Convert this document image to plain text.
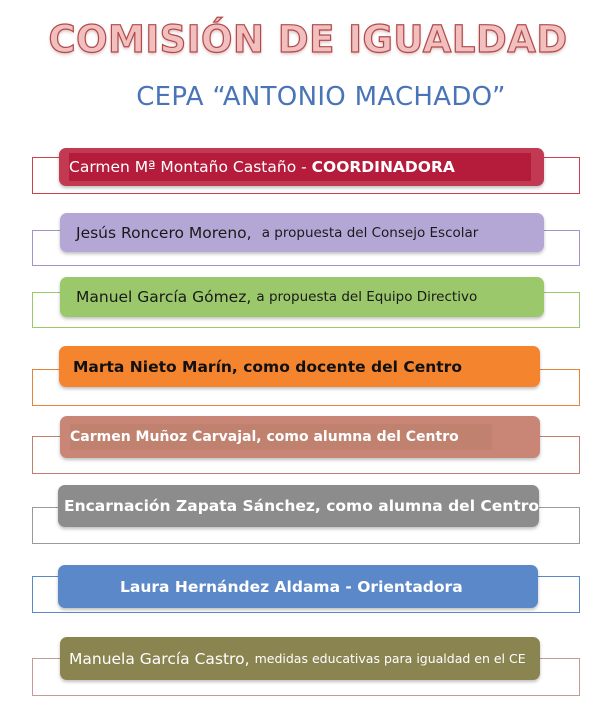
COMISIÓN DE IGUALDAD
CEPA “ANTONIO MACHADO”
Carmen Mª Montaño Castaño -
COORDINADORA
Jesús Roncero Moreno,
a propuesta del Consejo Escolar
Manuel García Gómez,
a propuesta del Equipo Directivo
Marta Nieto Marín, como docente del Centro
Carmen Muñoz Carvajal, como alumna del Centro
Encarnación Zapata Sánchez, como alumna del Centro
Laura Hernández Aldama - Orientadora
Manuela García Castro,
medidas educativas para igualdad en el CE
